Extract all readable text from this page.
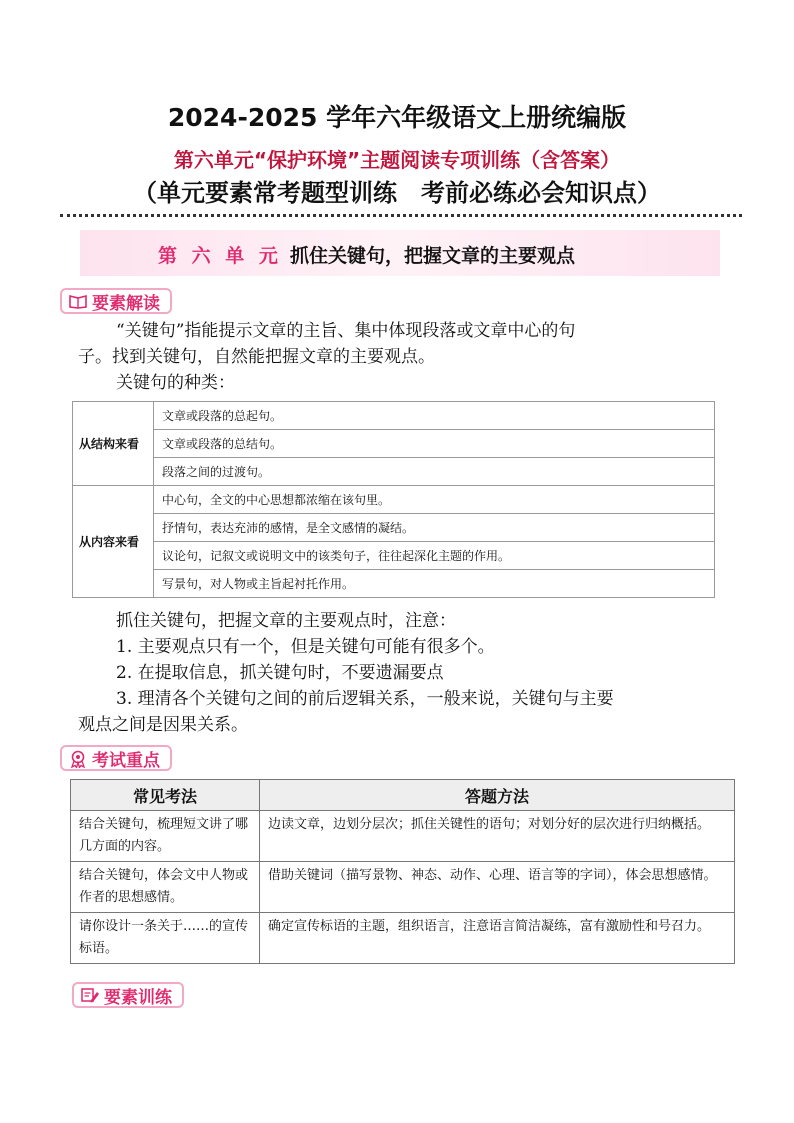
2024-2025 学年六年级语文上册统编版
第六单元“保护环境”主题阅读专项训练（含答案）
（单元要素常考题型训练　考前必练必会知识点）
第 六 单 元 抓住关键句，把握文章的主要观点
要素解读
“关键句”指能提示文章的主旨、集中体现段落或文章中心的句
子。找到关键句，自然能把握文章的主要观点。
关键句的种类：
从结构来看	文章或段落的总起句。
	文章或段落的总结句。
	段落之间的过渡句。
从内容来看	中心句，全文的中心思想都浓缩在该句里。
	抒情句，表达充沛的感情，是全文感情的凝结。
	议论句，记叙文或说明文中的该类句子，往往起深化主题的作用。
	写景句，对人物或主旨起衬托作用。
抓住关键句，把握文章的主要观点时，注意：
1. 主要观点只有一个，但是关键句可能有很多个。
2. 在提取信息，抓关键句时，不要遗漏要点
3. 理清各个关键句之间的前后逻辑关系，一般来说，关键句与主要
观点之间是因果关系。
考试重点
常见考法	答题方法
结合关键句，梳理短文讲了哪几方面的内容。	边读文章，边划分层次；抓住关键性的语句；对划分好的层次进行归纳概括。
结合关键句，体会文中人物或作者的思想感情。	借助关键词（描写景物、神态、动作、心理、语言等的字词），体会思想感情。
请你设计一条关于……的宣传标语。	确定宣传标语的主题，组织语言，注意语言简洁凝练，富有激励性和号召力。
要素训练
